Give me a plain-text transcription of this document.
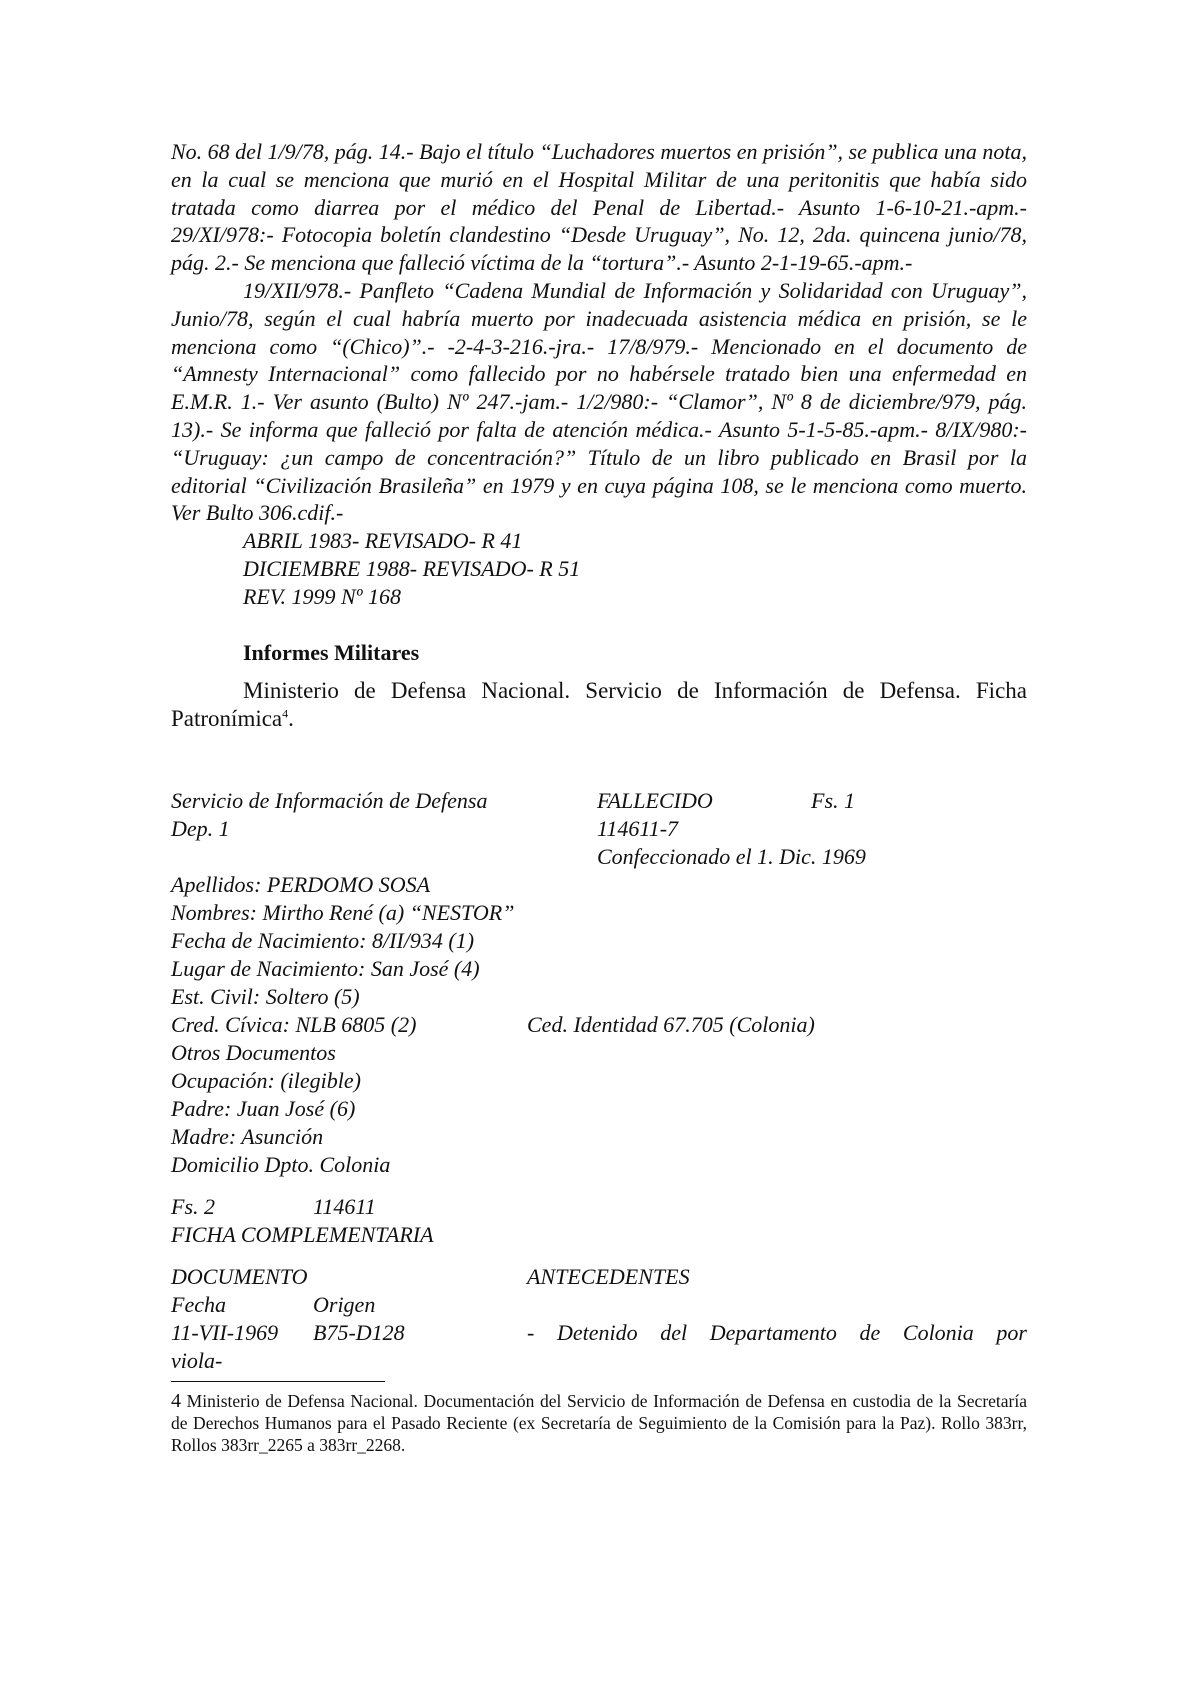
No. 68 del 1/9/78, pág. 14.- Bajo el título “Luchadores muertos en prisión”, se publica una nota, en la cual se menciona que murió en el Hospital Militar de una peritonitis que había sido tratada como diarrea por el médico del Penal de Libertad.- Asunto 1-6-10-21.-apm.- 29/XI/978:- Fotocopia boletín clandestino “Desde Uruguay”, No. 12, 2da. quincena junio/78, pág. 2.- Se menciona que falleció víctima de la “tortura”.- Asunto 2-1-19-65.-apm.-

19/XII/978.- Panfleto “Cadena Mundial de Información y Solidaridad con Uruguay”, Junio/78, según el cual habría muerto por inadecuada asistencia médica en prisión, se le menciona como “(Chico)”.- -2-4-3-216.-jra.- 17/8/979.- Mencionado en el documento de “Amnesty Internacional” como fallecido por no habérsele tratado bien una enfermedad en E.M.R. 1.- Ver asunto (Bulto) Nº 247.-jam.- 1/2/980:- “Clamor”, Nº 8 de diciembre/979, pág. 13).- Se informa que falleció por falta de atención médica.- Asunto 5-1-5-85.-apm.- 8/IX/980:- “Uruguay: ¿un campo de concentración?” Título de un libro publicado en Brasil por la editorial “Civilización Brasileña” en 1979 y en cuya página 108, se le menciona como muerto. Ver Bulto 306.cdif.-

ABRIL 1983- REVISADO- R 41
DICIEMBRE 1988- REVISADO- R 51
REV. 1999 Nº 168
Informes Militares
Ministerio de Defensa Nacional. Servicio de Información de Defensa. Ficha Patronímica$^4$.
Servicio de Información de Defensa	FALLECIDO	Fs. 1
Dep. 1	114611-7
Confeccionado el 1. Dic. 1969
Apellidos: PERDOMO SOSA
Nombres: Mirtho René (a) “NESTOR”
Fecha de Nacimiento: 8/II/934 (1)
Lugar de Nacimiento: San José (4)
Est. Civil: Soltero (5)
Cred. Cívica: NLB 6805 (2)	Ced. Identidad 67.705 (Colonia)
Otros Documentos
Ocupación: (ilegible)
Padre: Juan José (6)
Madre: Asunción
Domicilio Dpto. Colonia
Fs. 2	114611
FICHA COMPLEMENTARIA
DOCUMENTO	ANTECEDENTES
Fecha	Origen
11-VII-1969 B75-D128	- Detenido del Departamento de Colonia por
viola-
4 Ministerio de Defensa Nacional. Documentación del Servicio de Información de Defensa en custodia de la Secretaría de Derechos Humanos para el Pasado Reciente (ex Secretaría de Seguimiento de la Comisión para la Paz). Rollo 383rr, Rollos 383rr_2265 a 383rr_2268.
